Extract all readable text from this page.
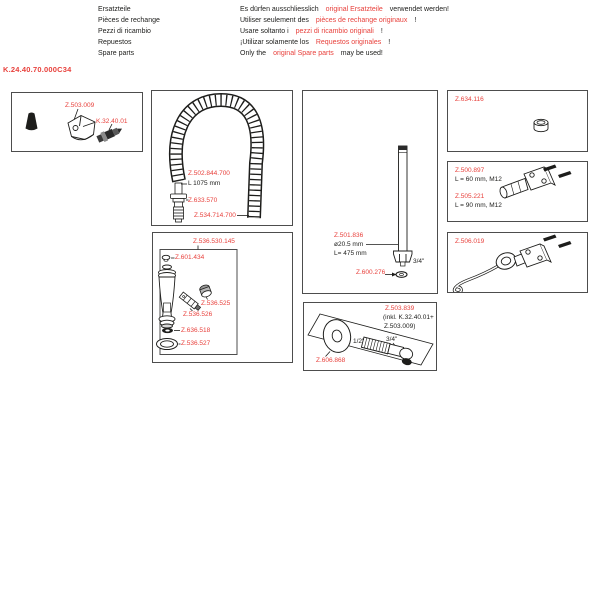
Ersatzteile
Pièces de rechange
Pezzi di ricambio
Repuestos
Spare parts
Es dürfen ausschliesslich original Ersatzteile verwendet werden!
Utiliser seulement des pièces de rechange originaux !
Usare soltanto i pezzi di ricambio originali !
¡Utilizar solamente los Requestos originales !
Only the original Spare parts may be used!
K.24.40.70.000C34
Z.503.009
K.32.40.01
Z.502.844.700
L 1075 mm
Z.633.570
Z.534.714.700
Z.536.530.145
Z.601.434
Z.536.525
Z.536.526
Z.636.518
Z.536.527
Z.501.836
ø20.5 mm
L= 475 mm
3/4"
Z.600.276
Z.503.839
(inkl. K.32.40.01+
Z.503.009)
1/2"	3/4"
Z.606.868
Z.634.116
Z.500.897
L = 60 mm, M12
Z.505.221
L = 90 mm, M12
Z.506.019
